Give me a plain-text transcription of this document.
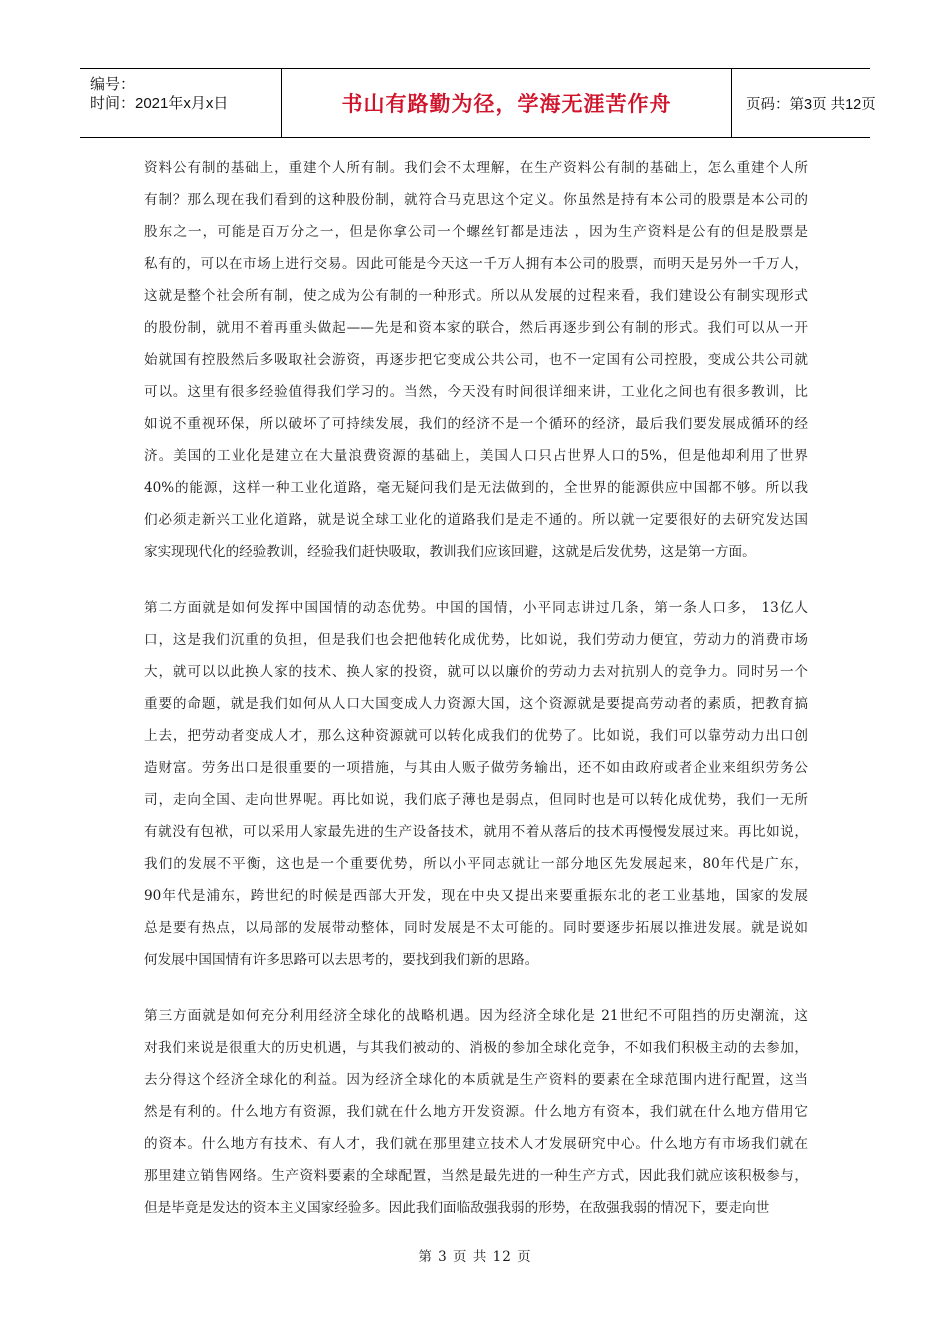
编号：
时间：2021年x月x日	书山有路勤为径，学海无涯苦作舟	页码：第3页 共12页
资料公有制的基础上，重建个人所有制。我们会不太理解，在生产资料公有制的基础上，怎么重建个人所
有制？那么现在我们看到的这种股份制，就符合马克思这个定义。你虽然是持有本公司的股票是本公司的
股东之一，可能是百万分之一，但是你拿公司一个螺丝钉都是违法 ，因为生产资料是公有的但是股票是
私有的，可以在市场上进行交易。因此可能是今天这一千万人拥有本公司的股票，而明天是另外一千万人，
这就是整个社会所有制，使之成为公有制的一种形式。所以从发展的过程来看，我们建设公有制实现形式
的股份制，就用不着再重头做起——先是和资本家的联合，然后再逐步到公有制的形式。我们可以从一开
始就国有控股然后多吸取社会游资，再逐步把它变成公共公司，也不一定国有公司控股，变成公共公司就
可以。这里有很多经验值得我们学习的。当然，今天没有时间很详细来讲，工业化之间也有很多教训，比
如说不重视环保，所以破坏了可持续发展，我们的经济不是一个循环的经济，最后我们要发展成循环的经
济。美国的工业化是建立在大量浪费资源的基础上，美国人口只占世界人口的5%，但是他却利用了世界
40%的能源，这样一种工业化道路，毫无疑问我们是无法做到的，全世界的能源供应中国都不够。所以我
们必须走新兴工业化道路，就是说全球工业化的道路我们是走不通的。所以就一定要很好的去研究发达国
家实现现代化的经验教训，经验我们赶快吸取，教训我们应该回避，这就是后发优势，这是第一方面。
第二方面就是如何发挥中国国情的动态优势。中国的国情，小平同志讲过几条，第一条人口多， 13亿人
口，这是我们沉重的负担，但是我们也会把他转化成优势，比如说，我们劳动力便宜，劳动力的消费市场
大，就可以以此换人家的技术、换人家的投资，就可以以廉价的劳动力去对抗别人的竞争力。同时另一个
重要的命题，就是我们如何从人口大国变成人力资源大国，这个资源就是要提高劳动者的素质，把教育搞
上去，把劳动者变成人才，那么这种资源就可以转化成我们的优势了。比如说，我们可以靠劳动力出口创
造财富。劳务出口是很重要的一项措施，与其由人贩子做劳务输出，还不如由政府或者企业来组织劳务公
司，走向全国、走向世界呢。再比如说，我们底子薄也是弱点，但同时也是可以转化成优势，我们一无所
有就没有包袱，可以采用人家最先进的生产设备技术，就用不着从落后的技术再慢慢发展过来。再比如说，
我们的发展不平衡，这也是一个重要优势，所以小平同志就让一部分地区先发展起来，80年代是广东，
90年代是浦东，跨世纪的时候是西部大开发，现在中央又提出来要重振东北的老工业基地，国家的发展
总是要有热点，以局部的发展带动整体，同时发展是不太可能的。同时要逐步拓展以推进发展。就是说如
何发展中国国情有许多思路可以去思考的，要找到我们新的思路。
第三方面就是如何充分利用经济全球化的战略机遇。因为经济全球化是 21世纪不可阻挡的历史潮流，这
对我们来说是很重大的历史机遇，与其我们被动的、消极的参加全球化竞争，不如我们积极主动的去参加，
去分得这个经济全球化的利益。因为经济全球化的本质就是生产资料的要素在全球范围内进行配置，这当
然是有利的。什么地方有资源，我们就在什么地方开发资源。什么地方有资本，我们就在什么地方借用它
的资本。什么地方有技术、有人才，我们就在那里建立技术人才发展研究中心。什么地方有市场我们就在
那里建立销售网络。生产资料要素的全球配置，当然是最先进的一种生产方式，因此我们就应该积极参与，
但是毕竟是发达的资本主义国家经验多。因此我们面临敌强我弱的形势，在敌强我弱的情况下，要走向世
第 3 页 共 12 页
